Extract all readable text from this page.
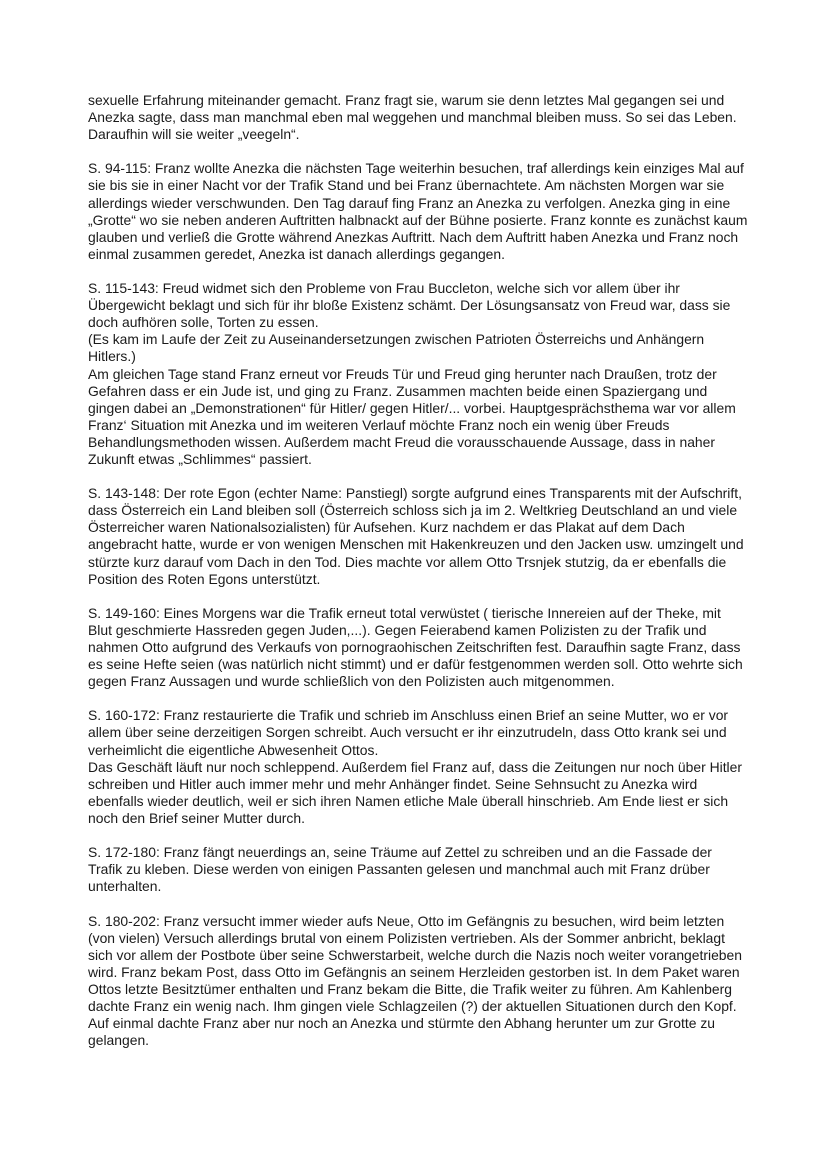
sexuelle Erfahrung miteinander gemacht. Franz fragt sie, warum sie denn letztes Mal gegangen sei und Anezka sagte, dass man manchmal eben mal weggehen und manchmal bleiben muss. So sei das Leben. Daraufhin will sie weiter „veegeln“.

S. 94-115: Franz wollte Anezka die nächsten Tage weiterhin besuchen, traf allerdings kein einziges Mal auf sie bis sie in einer Nacht vor der Trafik Stand und bei Franz übernachtete. Am nächsten Morgen war sie allerdings wieder verschwunden. Den Tag darauf fing Franz an Anezka zu verfolgen. Anezka ging in eine „Grotte“ wo sie neben anderen Auftritten halbnackt auf der Bühne posierte. Franz konnte es zunächst kaum glauben und verließ die Grotte während Anezkas Auftritt. Nach dem Auftritt haben Anezka und Franz noch einmal zusammen geredet, Anezka ist danach allerdings gegangen.

S. 115-143: Freud widmet sich den Probleme von Frau Buccleton, welche sich vor allem über ihr Übergewicht beklagt und sich für ihr bloße Existenz schämt. Der Lösungsansatz von Freud war, dass sie doch aufhören solle, Torten zu essen.
(Es kam im Laufe der Zeit zu Auseinandersetzungen zwischen Patrioten Österreichs und Anhängern Hitlers.)
Am gleichen Tage stand Franz erneut vor Freuds Tür und Freud ging herunter nach Draußen, trotz der Gefahren dass er ein Jude ist, und ging zu Franz. Zusammen machten beide einen Spaziergang und gingen dabei an „Demonstrationen“ für Hitler/ gegen Hitler/... vorbei. Hauptgesprächsthema war vor allem Franz‘ Situation mit Anezka und im weiteren Verlauf möchte Franz noch ein wenig über Freuds Behandlungsmethoden wissen. Außerdem macht Freud die vorausschauende Aussage, dass in naher Zukunft etwas „Schlimmes“ passiert.

S. 143-148: Der rote Egon (echter Name: Panstiegl) sorgte aufgrund eines Transparents mit der Aufschrift, dass Österreich ein Land bleiben soll (Österreich schloss sich ja im 2. Weltkrieg Deutschland an und viele Österreicher waren Nationalsozialisten) für Aufsehen. Kurz nachdem er das Plakat auf dem Dach angebracht hatte, wurde er von wenigen Menschen mit Hakenkreuzen und den Jacken usw. umzingelt und stürzte kurz darauf vom Dach in den Tod. Dies machte vor allem Otto Trsnjek stutzig, da er ebenfalls die Position des Roten Egons unterstützt.

S. 149-160: Eines Morgens war die Trafik erneut total verwüstet ( tierische Innereien auf der Theke, mit Blut geschmierte Hassreden gegen Juden,...). Gegen Feierabend kamen Polizisten zu der Trafik und nahmen Otto aufgrund des Verkaufs von pornograohischen Zeitschriften fest. Daraufhin sagte Franz, dass es seine Hefte seien (was natürlich nicht stimmt) und er dafür festgenommen werden soll. Otto wehrte sich gegen Franz Aussagen und wurde schließlich von den Polizisten auch mitgenommen.

S. 160-172: Franz restaurierte die Trafik und schrieb im Anschluss einen Brief an seine Mutter, wo er vor allem über seine derzeitigen Sorgen schreibt. Auch versucht er ihr einzutrudeln, dass Otto krank sei und verheimlicht die eigentliche Abwesenheit Ottos.
Das Geschäft läuft nur noch schleppend. Außerdem fiel Franz auf, dass die Zeitungen nur noch über Hitler schreiben und Hitler auch immer mehr und mehr Anhänger findet. Seine Sehnsucht zu Anezka wird ebenfalls wieder deutlich, weil er sich ihren Namen etliche Male überall hinschrieb. Am Ende liest er sich noch den Brief seiner Mutter durch.

S. 172-180: Franz fängt neuerdings an, seine Träume auf Zettel zu schreiben und an die Fassade der Trafik zu kleben. Diese werden von einigen Passanten gelesen und manchmal auch mit Franz drüber unterhalten.

S. 180-202: Franz versucht immer wieder aufs Neue, Otto im Gefängnis zu besuchen, wird beim letzten (von vielen) Versuch allerdings brutal von einem Polizisten vertrieben. Als der Sommer anbricht, beklagt sich vor allem der Postbote über seine Schwerstarbeit, welche durch die Nazis noch weiter vorangetrieben wird. Franz bekam Post, dass Otto im Gefängnis an seinem Herzleiden gestorben ist. In dem Paket waren Ottos letzte Besitztümer enthalten und Franz bekam die Bitte, die Trafik weiter zu führen. Am Kahlenberg dachte Franz ein wenig nach. Ihm gingen viele Schlagzeilen (?) der aktuellen Situationen durch den Kopf. Auf einmal dachte Franz aber nur noch an Anezka und stürmte den Abhang herunter um zur Grotte zu gelangen.
